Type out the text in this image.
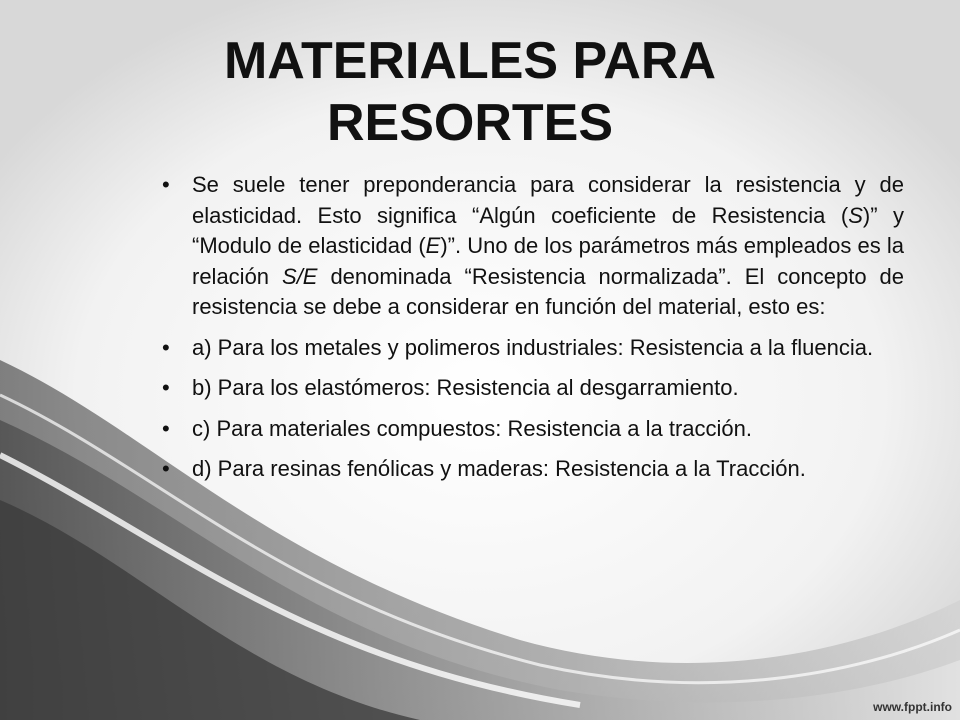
MATERIALES PARA
RESORTES
• Se suele tener preponderancia para considerar la resistencia y de elasticidad. Esto significa “Algún coeficiente de Resistencia (S)” y “Modulo de elasticidad (E)”. Uno de los parámetros más empleados es la relación S/E denominada “Resistencia normalizada”. El concepto de resistencia se debe a considerar en función del material, esto es:
• a) Para los metales y polimeros industriales: Resistencia a la fluencia.
• b) Para los elastómeros: Resistencia al desgarramiento.
• c) Para materiales compuestos: Resistencia a la tracción.
• d) Para resinas fenólicas y maderas: Resistencia a la Tracción.
www.fppt.info
